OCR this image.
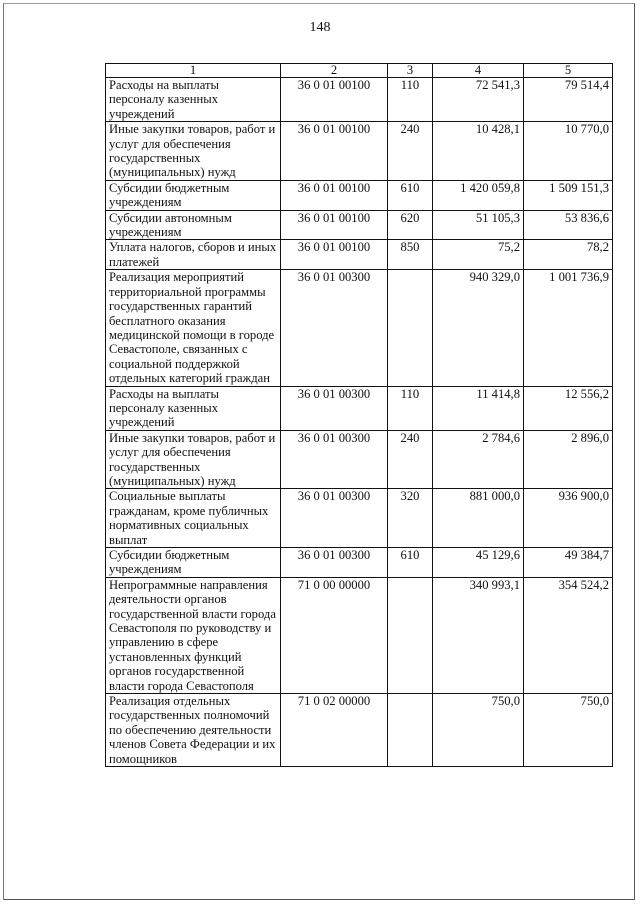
148
1	2	3	4	5
Расходы на выплаты персоналу казенных учреждений	36 0 01 00100	110	72 541,3	79 514,4
Иные закупки товаров, работ и услуг для обеспечения государственных (муниципальных) нужд	36 0 01 00100	240	10 428,1	10 770,0
Субсидии бюджетным учреждениям	36 0 01 00100	610	1 420 059,8	1 509 151,3
Субсидии автономным учреждениям	36 0 01 00100	620	51 105,3	53 836,6
Уплата налогов, сборов и иных платежей	36 0 01 00100	850	75,2	78,2
Реализация мероприятий территориальной программы государственных гарантий бесплатного оказания медицинской помощи в городе Севастополе, связанных с социальной поддержкой отдельных категорий граждан	36 0 01 00300		940 329,0	1 001 736,9
Расходы на выплаты персоналу казенных учреждений	36 0 01 00300	110	11 414,8	12 556,2
Иные закупки товаров, работ и услуг для обеспечения государственных (муниципальных) нужд	36 0 01 00300	240	2 784,6	2 896,0
Социальные выплаты гражданам, кроме публичных нормативных социальных выплат	36 0 01 00300	320	881 000,0	936 900,0
Субсидии бюджетным учреждениям	36 0 01 00300	610	45 129,6	49 384,7
Непрограммные направления деятельности органов государственной власти города Севастополя по руководству и управлению в сфере установленных функций органов государственной власти города Севастополя	71 0 00 00000		340 993,1	354 524,2
Реализация отдельных государственных полномочий по обеспечению деятельности членов Совета Федерации и их помощников	71 0 02 00000		750,0	750,0
